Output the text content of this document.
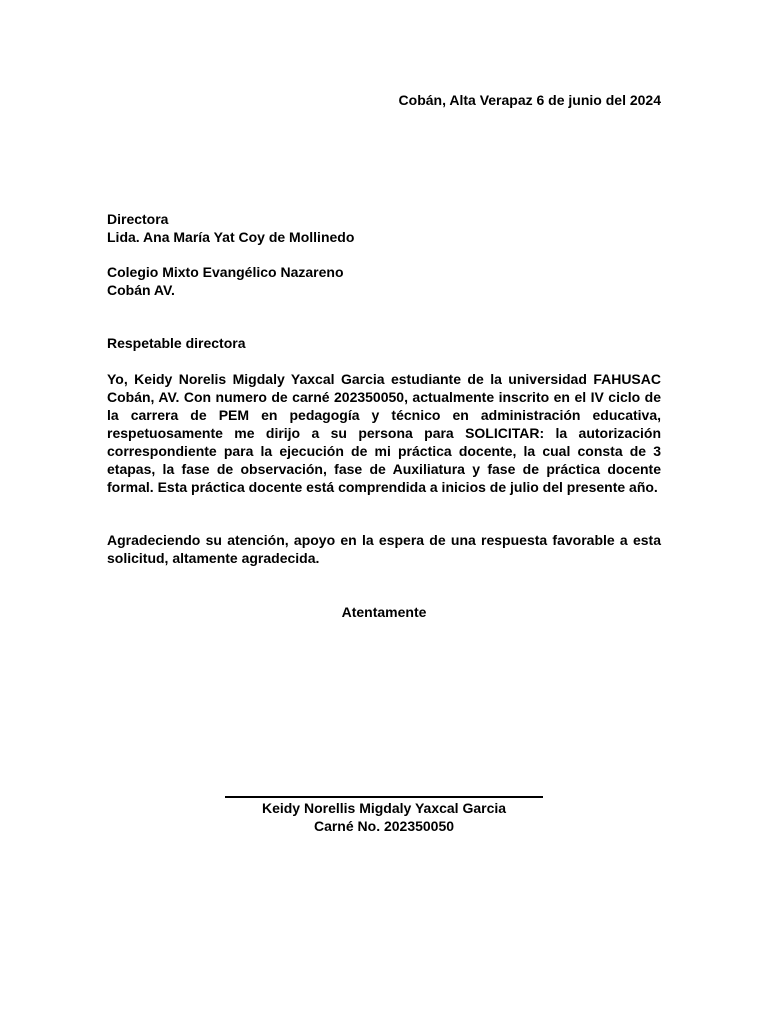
Cobán, Alta Verapaz 6 de junio del 2024
Directora
Lida. Ana María Yat Coy de Mollinedo
Colegio Mixto Evangélico Nazareno
Cobán AV.
Respetable directora
Yo, Keidy Norelis Migdaly Yaxcal Garcia estudiante de la universidad FAHUSAC Cobán, AV. Con numero de carné 202350050, actualmente inscrito en el IV ciclo de la carrera de PEM en pedagogía y técnico en administración educativa, respetuosamente me dirijo a su persona para SOLICITAR: la autorización correspondiente para la ejecución de mi práctica docente, la cual consta de 3 etapas, la fase de observación, fase de Auxiliatura y fase de práctica docente formal. Esta práctica docente está comprendida a inicios de julio del presente año.
Agradeciendo su atención, apoyo en la espera de una respuesta favorable a esta solicitud, altamente agradecida.
Atentamente
Keidy Norellis Migdaly Yaxcal Garcia
Carné No. 202350050
